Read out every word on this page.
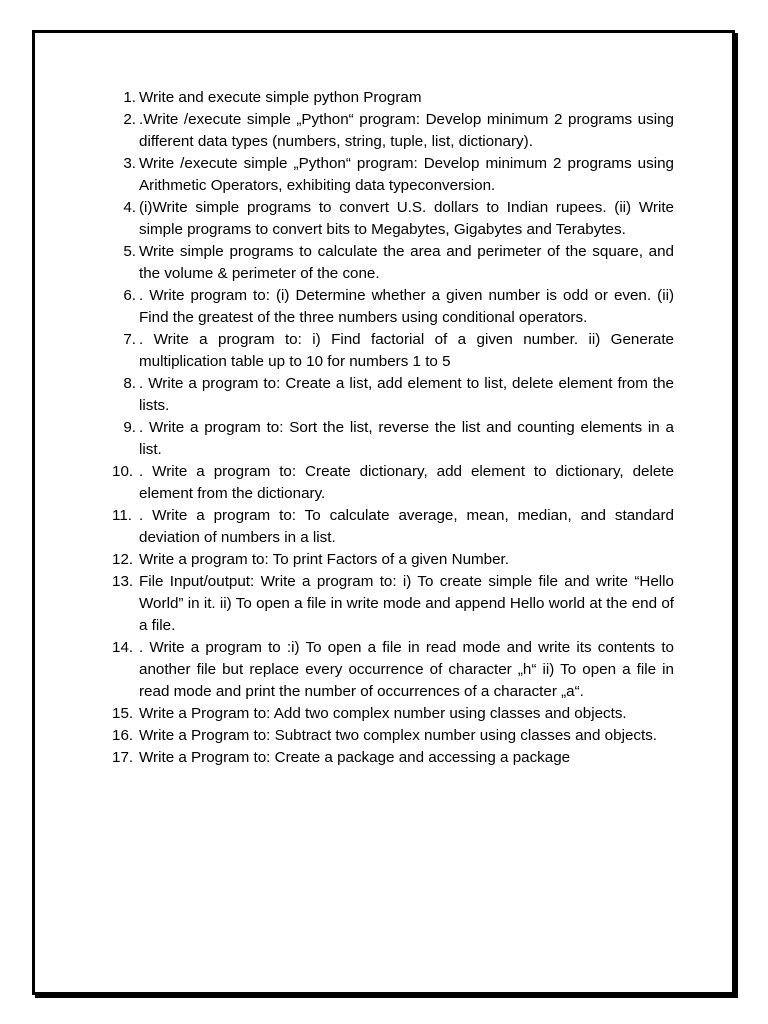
1. Write and execute simple python Program
2. .Write /execute simple „Python“ program: Develop minimum 2 programs using different data types (numbers, string, tuple, list, dictionary).
3. Write /execute simple „Python“ program: Develop minimum 2 programs using Arithmetic Operators, exhibiting data typeconversion.
4. (i)Write simple programs to convert U.S. dollars to Indian rupees. (ii) Write simple programs to convert bits to Megabytes, Gigabytes and Terabytes.
5. Write simple programs to calculate the area and perimeter of the square, and the volume & perimeter of the cone.
6. . Write program to: (i) Determine whether a given number is odd or even. (ii) Find the greatest of the three numbers using conditional operators.
7. . Write a program to: i) Find factorial of a given number. ii) Generate multiplication table up to 10 for numbers 1 to 5
8. . Write a program to: Create a list, add element to list, delete element from the lists.
9. . Write a program to: Sort the list, reverse the list and counting elements in a list.
10. . Write a program to: Create dictionary, add element to dictionary, delete element from the dictionary.
11. . Write a program to: To calculate average, mean, median, and standard deviation of numbers in a list.
12. Write a program to: To print Factors of a given Number.
13. File Input/output: Write a program to: i) To create simple file and write “Hello World” in it. ii) To open a file in write mode and append Hello world at the end of a file.
14. . Write a program to :i) To open a file in read mode and write its contents to another file but replace every occurrence of character „h“ ii) To open a file in read mode and print the number of occurrences of a character „a“.
15. Write a Program to: Add two complex number using classes and objects.
16. Write a Program to: Subtract two complex number using classes and objects.
17. Write a Program to: Create a package and accessing a package
